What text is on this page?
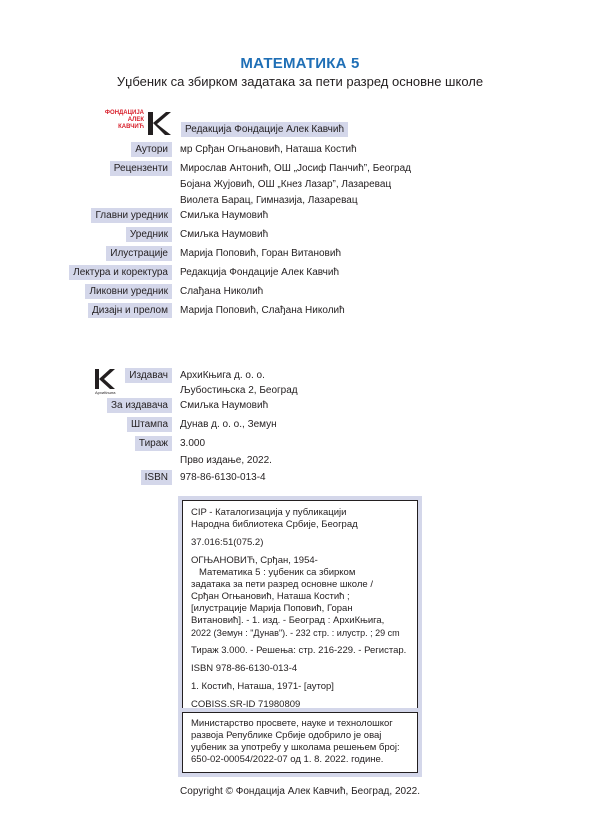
МАТЕМАТИКА 5
Уџбеник са збирком задатака за пети разред основне школе
ФОНДАЦИЈА
АЛЕК
КАВЧИЋ	Редакција Фондације Алек Кавчић
Аутори	мр Срђан Огњановић, Наташа Костић
Рецензенти	Мирослав Антонић, ОШ „Јосиф Панчић”, Београд
Бојана Жујовић, ОШ „Кнез Лазар”, Лазаревац
Виолета Барац, Гимназија, Лазаревац
Главни уредник	Смиљка Наумовић
Уредник	Смиљка Наумовић
Илустрације	Марија Поповић, Горан Витановић
Лектура и коректура	Редакција Фондације Алек Кавчић
Ликовни уредник	Слађана Николић
Дизајн и прелом	Марија Поповић, Слађана Николић
АрхиКњига
Издавач	АрхиКњига д. о. о.
Љубостињска 2, Београд
За издавача	Смиљка Наумовић
Штампа	Дунав д. о. о., Земун
Тираж	3.000
Прво издање, 2022.
ISBN	978-86-6130-013-4
CIP - Каталогизација у публикацији
Народна библиотека Србије, Београд
37.016:51(075.2)
ОГЊАНОВИЋ, Срђан, 1954-
Математика 5 : уџбеник са збирком
задатака за пети разред основне школе /
Срђан Огњановић, Наташа Костић ;
[илустрације Марија Поповић, Горан
Витановић]. - 1. изд. - Београд : АрхиКњига,
2022 (Земун : "Дунав"). - 232 стр. : илустр. ; 29 cm
Тираж 3.000. - Решења: стр. 216-229. - Регистар.
ISBN 978-86-6130-013-4
1. Костић, Наташа, 1971- [аутор]
COBISS.SR-ID 71980809
Министарство просвете, науке и технолошког
развоја Републике Србије одобрило је овај
уџбеник за употребу у школама решењем број:
650-02-00054/2022-07 од 1. 8. 2022. године.
Copyright © Фондација Алек Кавчић, Београд, 2022.
